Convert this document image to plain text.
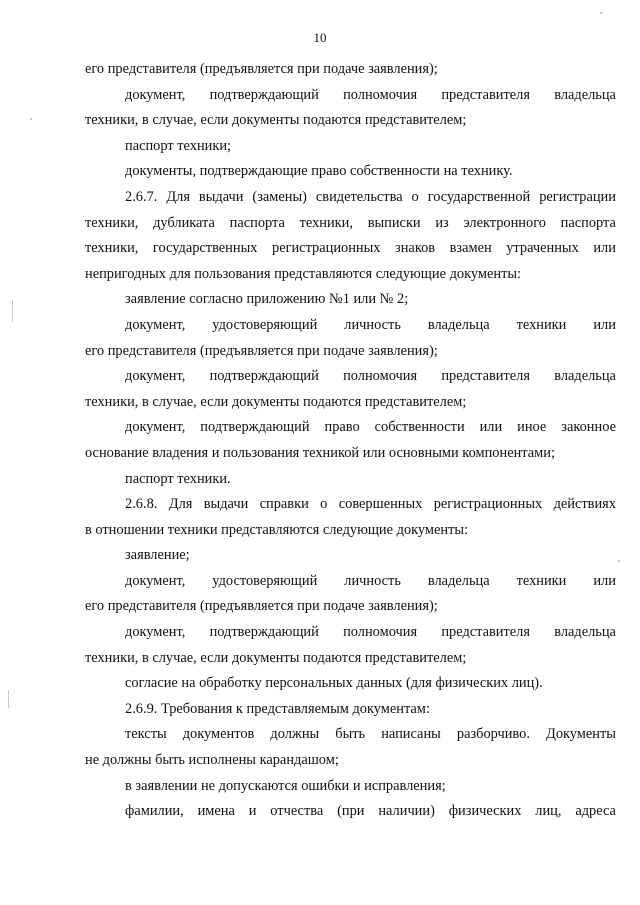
10
его представителя (предъявляется при подаче заявления);
документ, подтверждающий полномочия представителя владельца
техники, в случае, если документы подаются представителем;
паспорт техники;
документы, подтверждающие право собственности на технику.
2.6.7. Для выдачи (замены) свидетельства о государственной регистрации
техники, дубликата паспорта техники, выписки из электронного паспорта
техники, государственных регистрационных знаков взамен утраченных или
непригодных для пользования представляются следующие документы:
заявление согласно приложению №1 или № 2;
документ, удостоверяющий личность владельца техники или
его представителя (предъявляется при подаче заявления);
документ, подтверждающий полномочия представителя владельца
техники, в случае, если документы подаются представителем;
документ, подтверждающий право собственности или иное законное
основание владения и пользования техникой или основными компонентами;
паспорт техники.
2.6.8. Для выдачи справки о совершенных регистрационных действиях
в отношении техники представляются следующие документы:
заявление;
документ, удостоверяющий личность владельца техники или
его представителя (предъявляется при подаче заявления);
документ, подтверждающий полномочия представителя владельца
техники, в случае, если документы подаются представителем;
согласие на обработку персональных данных (для физических лиц).
2.6.9. Требования к представляемым документам:
тексты документов должны быть написаны разборчиво. Документы
не должны быть исполнены карандашом;
в заявлении не допускаются ошибки и исправления;
фамилии, имена и отчества (при наличии) физических лиц, адреса
